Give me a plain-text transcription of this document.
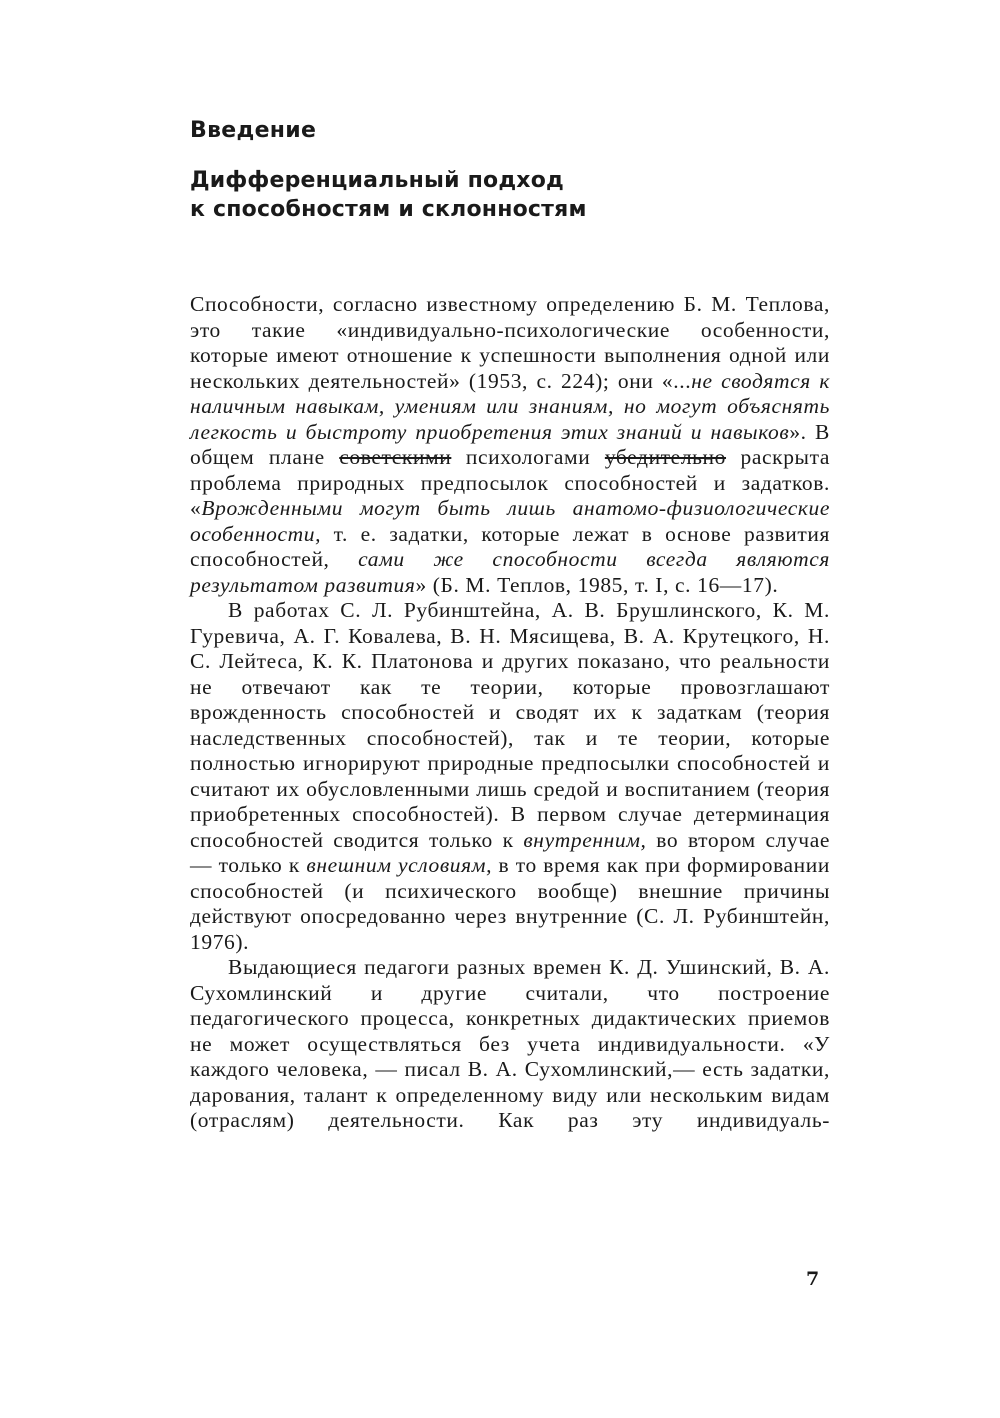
Введение
Дифференциальный подход
к способностям и склонностям

Способности, согласно известному определению Б. М. Теплова, это такие «индивидуально-психологические особенности, которые имеют отношение к успешности выполнения одной или нескольких деятельностей» (1953, с. 224); они «...не сводятся к наличным навыкам, умениям или знаниям, но могут объяснять легкость и быстроту приобретения этих знаний и навыков». В общем плане советскими психологами убедительно раскрыта проблема природных предпосылок способностей и задатков. «Врожденными могут быть лишь анатомо-физиологические особенности, т. е. задатки, которые лежат в основе развития способностей, сами же способности всегда являются результатом развития» (Б. М. Теплов, 1985, т. I, с. 16—17).

В работах С. Л. Рубинштейна, А. В. Брушлинского, К. М. Гуревича, А. Г. Ковалева, В. Н. Мясищева, В. А. Крутецкого, Н. С. Лейтеса, К. К. Платонова и других показано, что реальности не отвечают как те теории, которые провозглашают врожденность способностей и сводят их к задаткам (теория наследственных способностей), так и те теории, которые полностью игнорируют природные предпосылки способностей и считают их обусловленными лишь средой и воспитанием (теория приобретенных способностей). В первом случае детерминация способностей сводится только к внутренним, во втором случае — только к внешним условиям, в то время как при формировании способностей (и психического вообще) внешние причины действуют опосредованно через внутренние (С. Л. Рубинштейн, 1976).

Выдающиеся педагоги разных времен К. Д. Ушинский, В. А. Сухомлинский и другие считали, что построение педагогического процесса, конкретных дидактических приемов не может осуществляться без учета индивидуальности. «У каждого человека, — писал В. А. Сухомлинский,— есть задатки, дарования, талант к определенному виду или нескольким видам (отраслям) деятельности. Как раз эту индивидуаль-

7
